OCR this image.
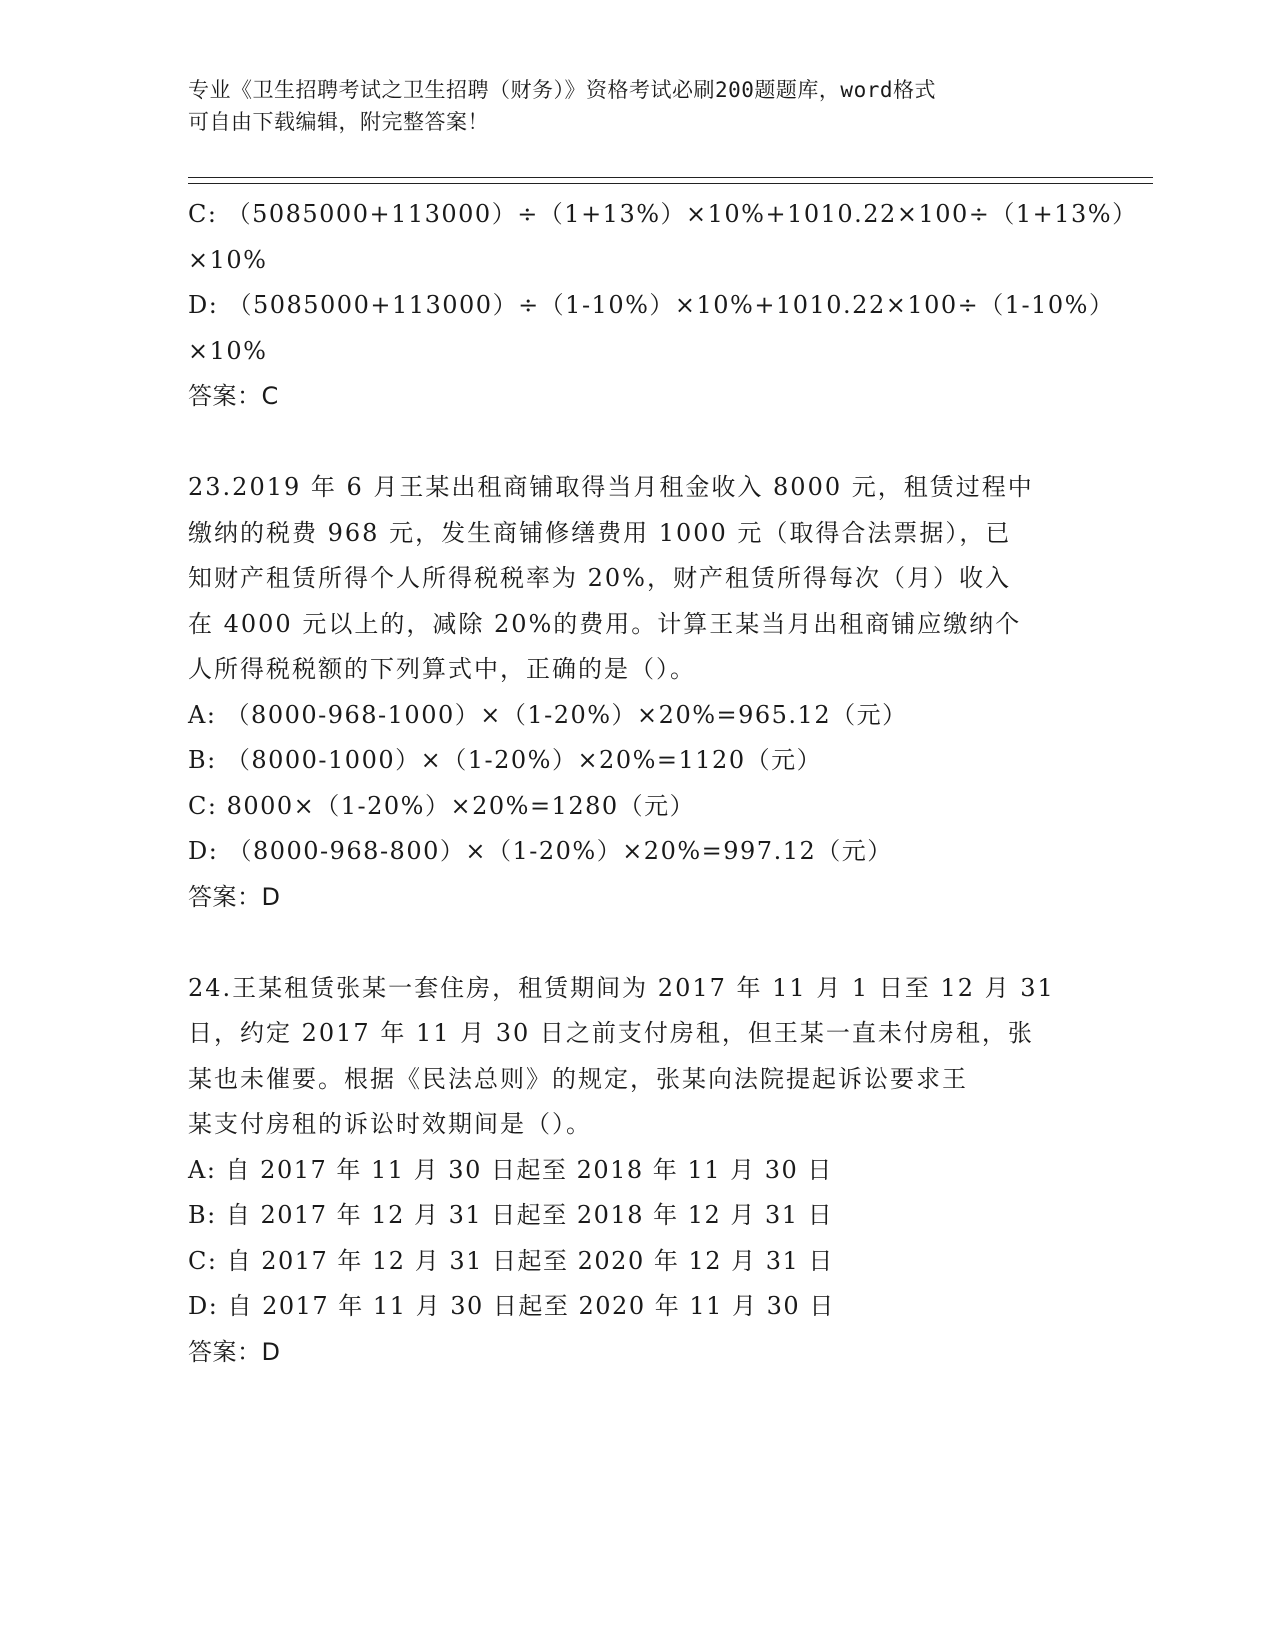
专业《卫生招聘考试之卫生招聘（财务）》资格考试必刷200题题库，word格式
可自由下载编辑，附完整答案！
C: （5085000+113000）÷（1+13%）×10%+1010.22×100÷（1+13%）
×10%
D: （5085000+113000）÷（1-10%）×10%+1010.22×100÷（1-10%）
×10%
答案：C
23.2019 年 6 月王某出租商铺取得当月租金收入 8000 元，租赁过程中
缴纳的税费 968 元，发生商铺修缮费用 1000 元（取得合法票据），已
知财产租赁所得个人所得税税率为 20%，财产租赁所得每次（月）收入
在 4000 元以上的，减除 20%的费用。计算王某当月出租商铺应缴纳个
人所得税税额的下列算式中，正确的是（）。
A: （8000-968-1000）×（1-20%）×20%=965.12（元）
B: （8000-1000）×（1-20%）×20%=1120（元）
C: 8000×（1-20%）×20%=1280（元）
D: （8000-968-800）×（1-20%）×20%=997.12（元）
答案：D
24.王某租赁张某一套住房，租赁期间为 2017 年 11 月 1 日至 12 月 31
日，约定 2017 年 11 月 30 日之前支付房租，但王某一直未付房租，张
某也未催要。根据《民法总则》的规定，张某向法院提起诉讼要求王
某支付房租的诉讼时效期间是（）。
A: 自 2017 年 11 月 30 日起至 2018 年 11 月 30 日
B: 自 2017 年 12 月 31 日起至 2018 年 12 月 31 日
C: 自 2017 年 12 月 31 日起至 2020 年 12 月 31 日
D: 自 2017 年 11 月 30 日起至 2020 年 11 月 30 日
答案：D
